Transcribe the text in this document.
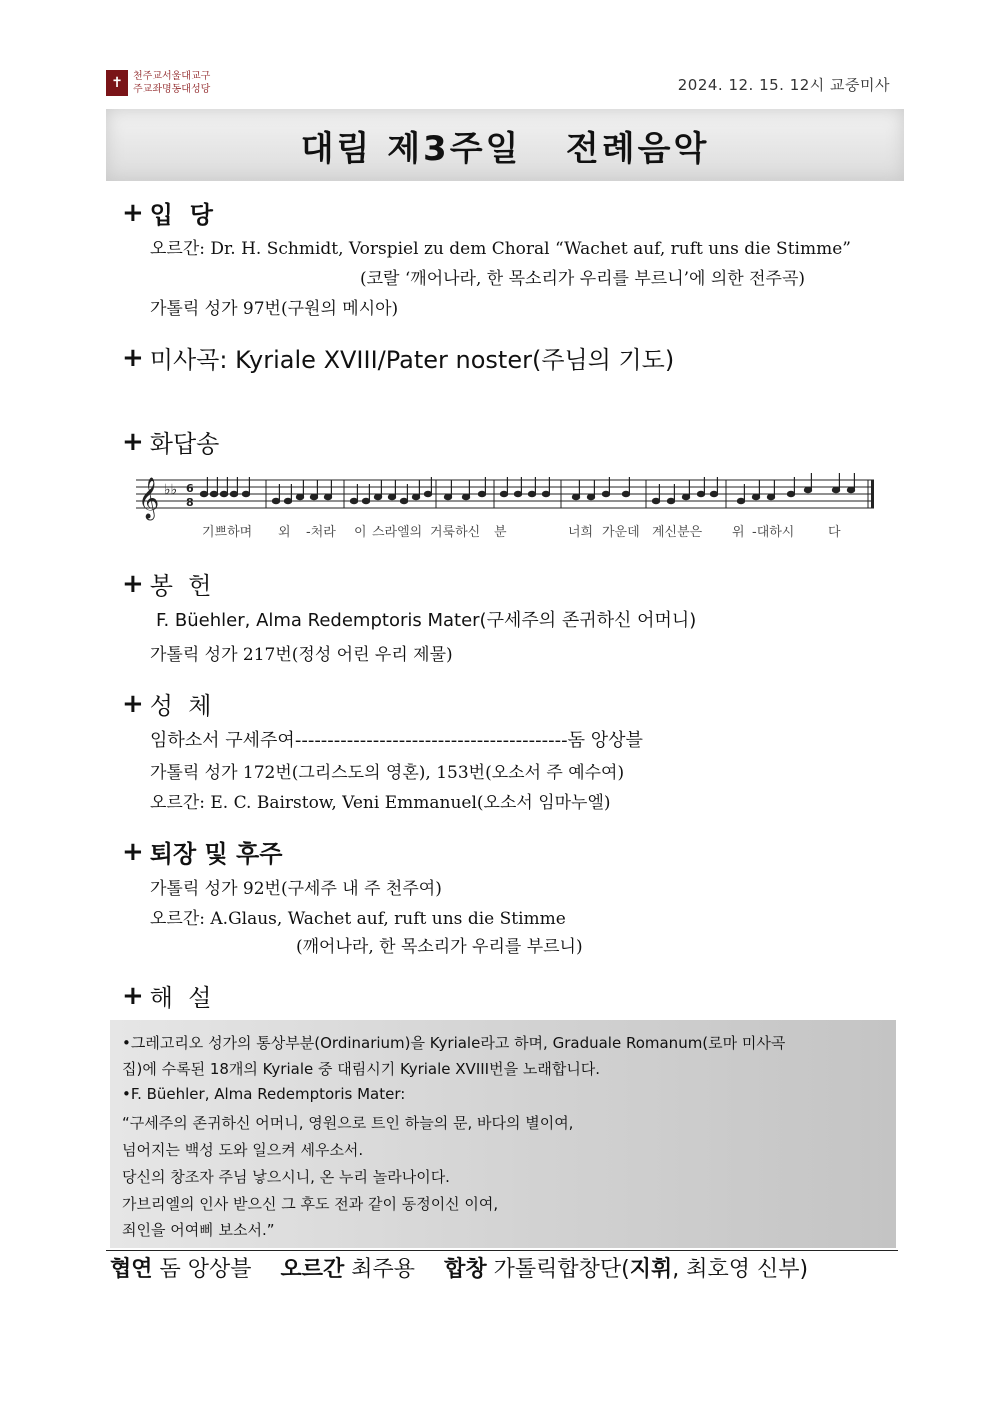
✝	천주교서울대교구
주교좌명동대성당	2024. 12. 15. 12시 교중미사
대림 제3주일   전례음악
+ 입  당
오르간: Dr. H. Schmidt, Vorspiel zu dem Choral “Wachet auf, ruft uns die Stimme”
(코랄 ‘깨어나라, 한 목소리가 우리를 부르니’에 의한 전주곡)
가톨릭 성가 97번(구원의 메시아)
+ 미사곡: Kyriale XVIII/Pater noster(주님의 기도)
+ 화답송
𝄞 ♭♭ 6
8
기쁘하며 외 -처라 이 스라엘의 거룩하신 분	너희 가운데 계신분은 위 -대하시	다
+ 봉  헌
F. Büehler, Alma Redemptoris Mater(구세주의 존귀하신 어머니)
가톨릭 성가 217번(정성 어린 우리 제물)
+ 성  체
임하소서 구세주여------------------------------------------돔 앙상블
가톨릭 성가 172번(그리스도의 영혼), 153번(오소서 주 예수여)
오르간: E. C. Bairstow, Veni Emmanuel(오소서 임마누엘)
+ 퇴장 및 후주
가톨릭 성가 92번(구세주 내 주 천주여)
오르간: A.Glaus, Wachet auf, ruft uns die Stimme
(깨어나라, 한 목소리가 우리를 부르니)
+ 해  설
•그레고리오 성가의 통상부분(Ordinarium)을 Kyriale라고 하며, Graduale Romanum(로마 미사곡
집)에 수록된 18개의 Kyriale 중 대림시기 Kyriale XVIII번을 노래합니다.
•F. Büehler, Alma Redemptoris Mater:
“구세주의 존귀하신 어머니, 영원으로 트인 하늘의 문, 바다의 별이여,
넘어지는 백성 도와 일으켜 세우소서.
당신의 창조자 주님 낳으시니, 온 누리 놀라나이다.
가브리엘의 인사 받으신 그 후도 전과 같이 동정이신 이여,
죄인을 어여삐 보소서.”
협연 돔 앙상블 오르간 최주용 합창 가톨릭합창단(지휘, 최호영 신부)
